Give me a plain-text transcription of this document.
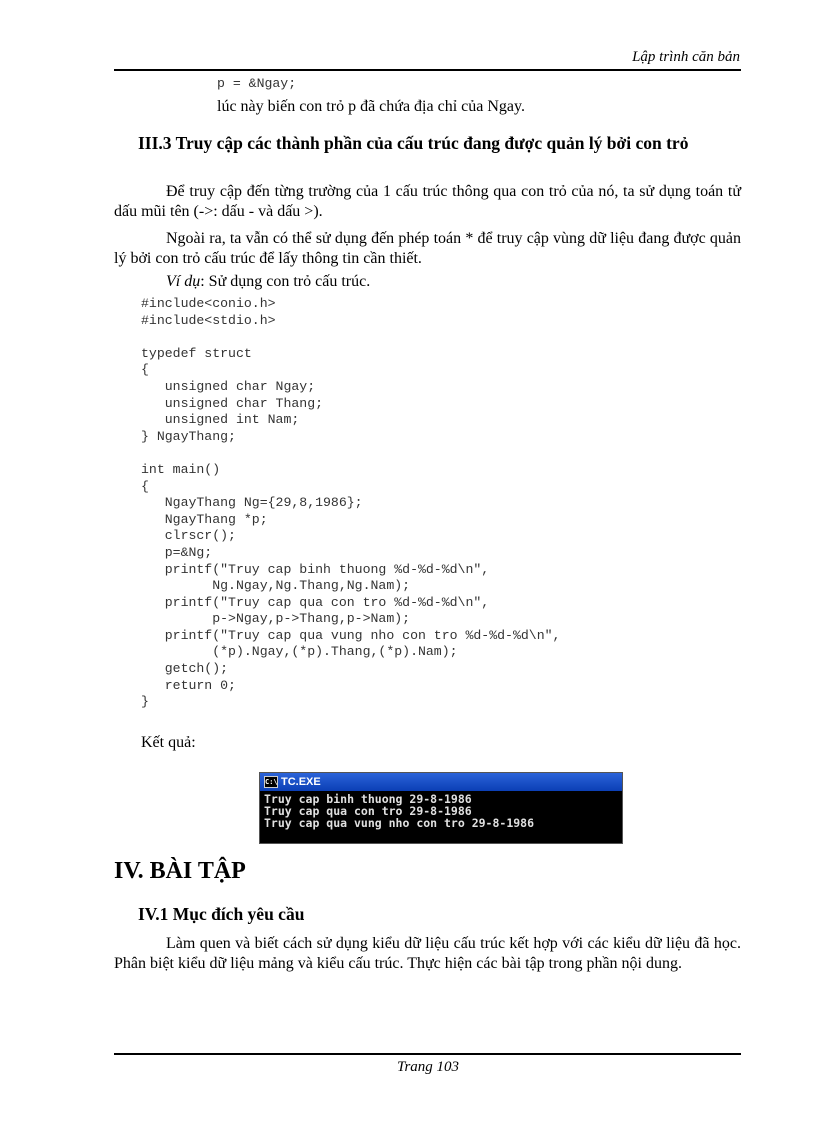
Lập trình căn bản
p = &Ngay;
lúc này biến con trỏ p đã chứa địa chỉ của Ngay.
III.3 Truy cập các thành phần của cấu trúc đang được quản lý bởi con trỏ
Để truy cập đến từng trường của 1 cấu trúc thông qua con trỏ của nó, ta sử dụng toán tử dấu mũi tên (->: dấu - và dấu >).
Ngoài ra, ta vẫn có thể sử dụng đến phép toán * để truy cập vùng dữ liệu đang được quản lý bởi con trỏ cấu trúc để lấy thông tin cần thiết.
Ví dụ: Sử dụng con trỏ cấu trúc.
#include<conio.h>
#include<stdio.h>
typedef struct
{
unsigned char Ngay;
unsigned char Thang;
unsigned int Nam;
} NgayThang;
int main()
{
NgayThang Ng={29,8,1986};
NgayThang *p;
clrscr();
p=&Ng;
printf("Truy cap binh thuong %d-%d-%d\n",
Ng.Ngay,Ng.Thang,Ng.Nam);
printf("Truy cap qua con tro %d-%d-%d\n",
p->Ngay,p->Thang,p->Nam);
printf("Truy cap qua vung nho con tro %d-%d-%d\n",
(*p).Ngay,(*p).Thang,(*p).Nam);
getch();
return 0;
}
Kết quả:
C:\ TC.EXE
Truy cap binh thuong 29-8-1986
Truy cap qua con tro 29-8-1986
Truy cap qua vung nho con tro 29-8-1986
IV. BÀI TẬP
IV.1 Mục đích yêu cầu
Làm quen và biết cách sử dụng kiểu dữ liệu cấu trúc kết hợp với các kiểu dữ liệu đã học. Phân biệt kiểu dữ liệu mảng và kiểu cấu trúc. Thực hiện các bài tập trong phần nội dung.
Trang 103
